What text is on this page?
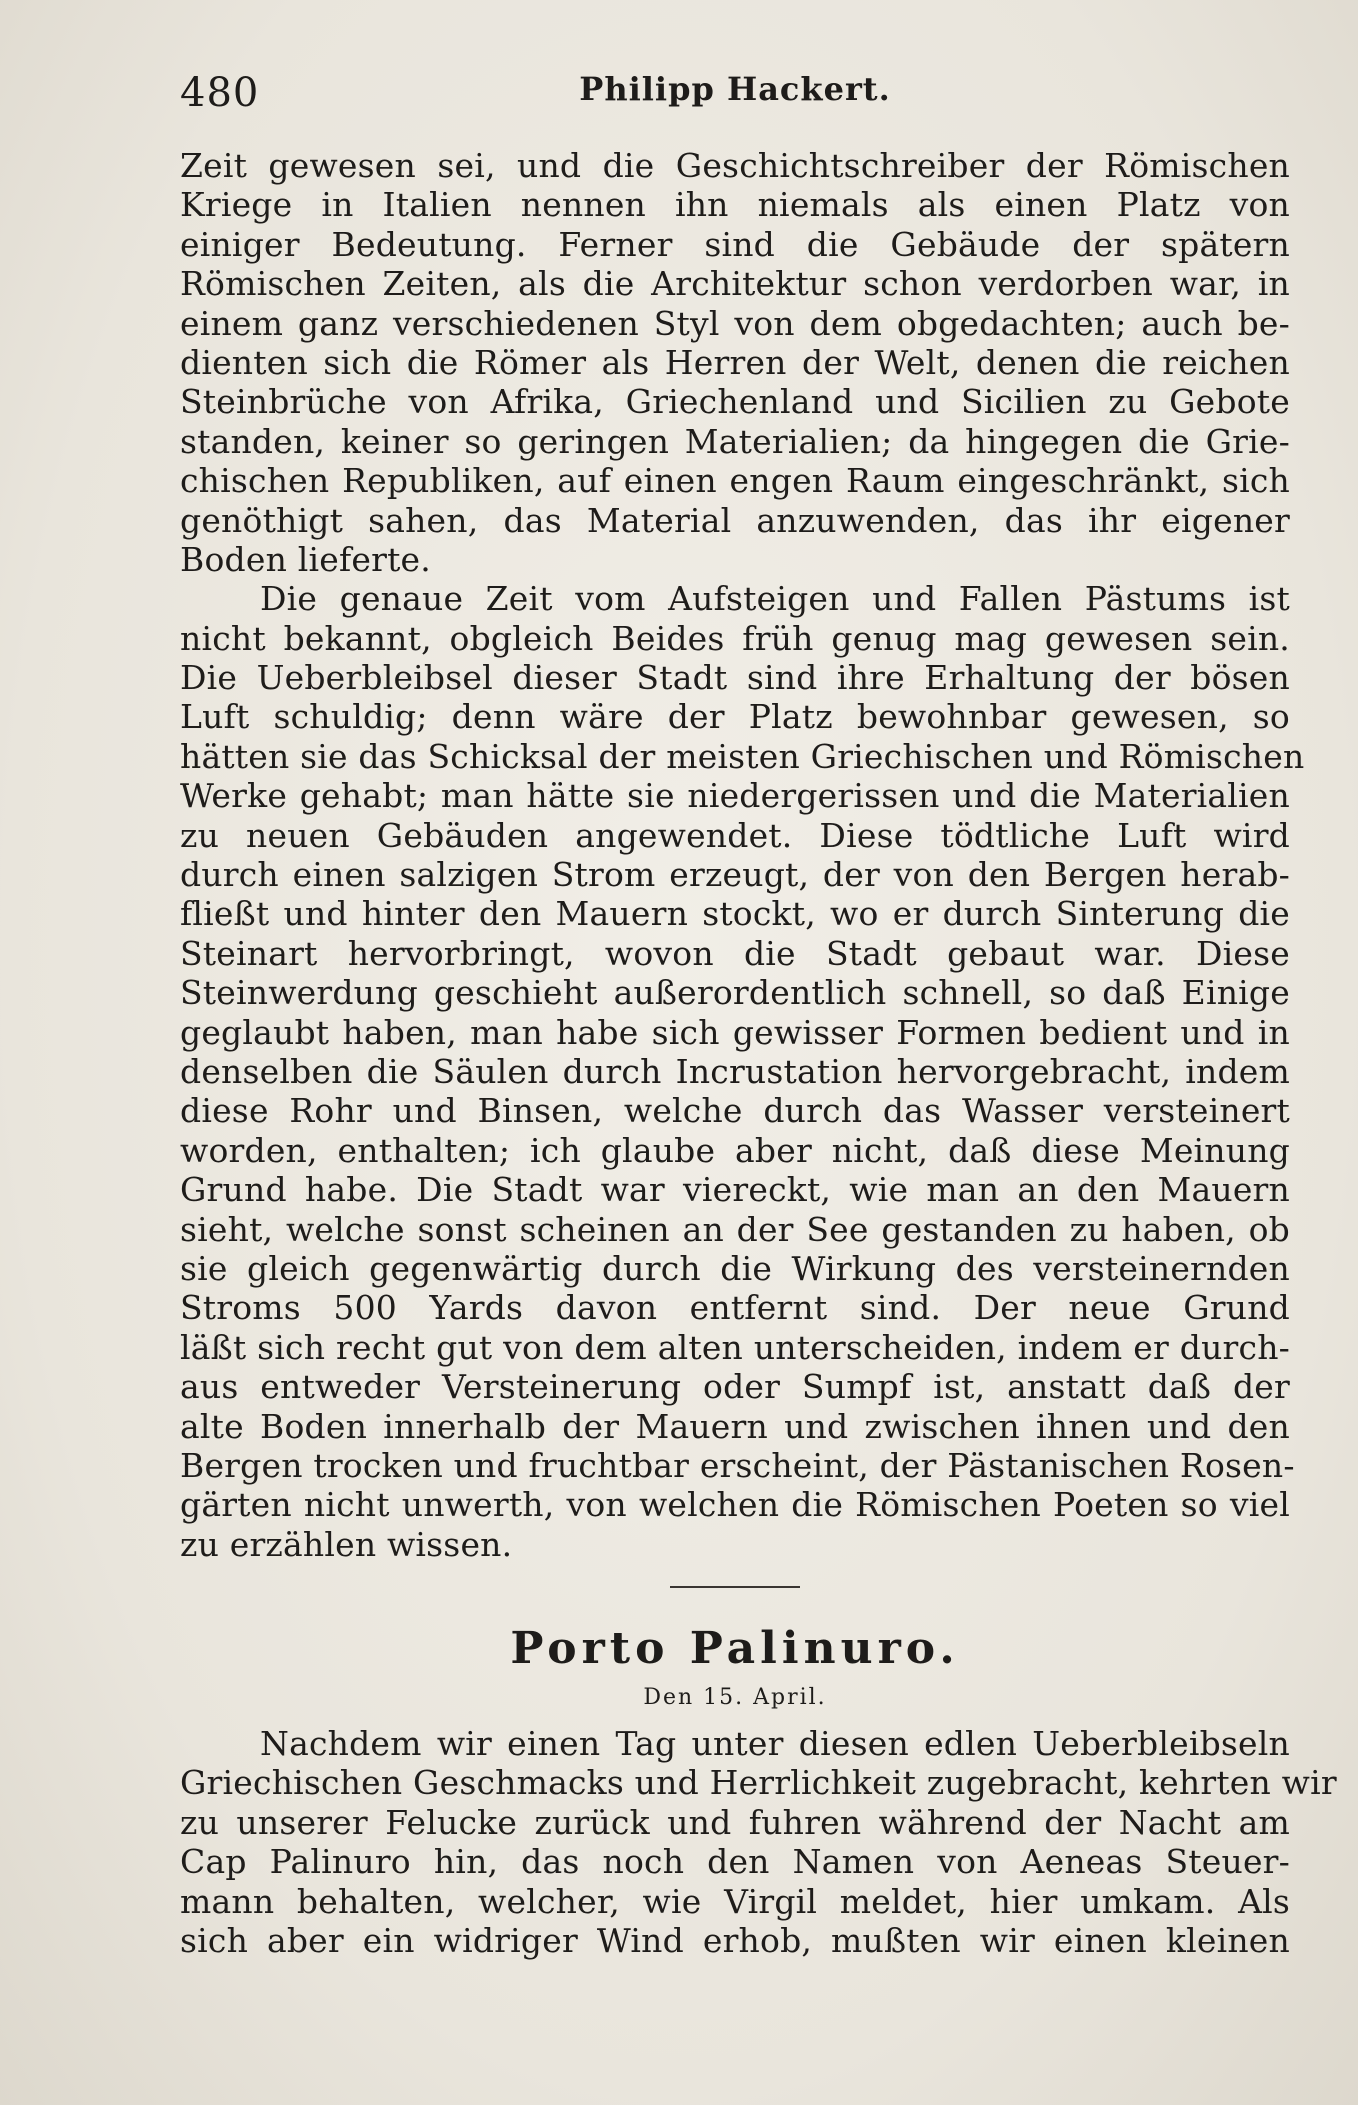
480	Philipp Hackert.
Zeit gewesen sei, und die Geschichtschreiber der Römischen
Kriege in Italien nennen ihn niemals als einen Platz von
einiger Bedeutung. Ferner sind die Gebäude der spätern
Römischen Zeiten, als die Architektur schon verdorben war, in
einem ganz verschiedenen Styl von dem obgedachten; auch be-
dienten sich die Römer als Herren der Welt, denen die reichen
Steinbrüche von Afrika, Griechenland und Sicilien zu Gebote
standen, keiner so geringen Materialien; da hingegen die Grie-
chischen Republiken, auf einen engen Raum eingeschränkt, sich
genöthigt sahen, das Material anzuwenden, das ihr eigener
Boden lieferte.
Die genaue Zeit vom Aufsteigen und Fallen Pästums ist
nicht bekannt, obgleich Beides früh genug mag gewesen sein.
Die Ueberbleibsel dieser Stadt sind ihre Erhaltung der bösen
Luft schuldig; denn wäre der Platz bewohnbar gewesen, so
hätten sie das Schicksal der meisten Griechischen und Römischen
Werke gehabt; man hätte sie niedergerissen und die Materialien
zu neuen Gebäuden angewendet. Diese tödtliche Luft wird
durch einen salzigen Strom erzeugt, der von den Bergen herab-
fließt und hinter den Mauern stockt, wo er durch Sinterung die
Steinart hervorbringt, wovon die Stadt gebaut war. Diese
Steinwerdung geschieht außerordentlich schnell, so daß Einige
geglaubt haben, man habe sich gewisser Formen bedient und in
denselben die Säulen durch Incrustation hervorgebracht, indem
diese Rohr und Binsen, welche durch das Wasser versteinert
worden, enthalten; ich glaube aber nicht, daß diese Meinung
Grund habe. Die Stadt war viereckt, wie man an den Mauern
sieht, welche sonst scheinen an der See gestanden zu haben, ob
sie gleich gegenwärtig durch die Wirkung des versteinernden
Stroms 500 Yards davon entfernt sind. Der neue Grund
läßt sich recht gut von dem alten unterscheiden, indem er durch-
aus entweder Versteinerung oder Sumpf ist, anstatt daß der
alte Boden innerhalb der Mauern und zwischen ihnen und den
Bergen trocken und fruchtbar erscheint, der Pästanischen Rosen-
gärten nicht unwerth, von welchen die Römischen Poeten so viel
zu erzählen wissen.
Porto Palinuro.
Den 15. April.
Nachdem wir einen Tag unter diesen edlen Ueberbleibseln
Griechischen Geschmacks und Herrlichkeit zugebracht, kehrten wir
zu unserer Felucke zurück und fuhren während der Nacht am
Cap Palinuro hin, das noch den Namen von Aeneas Steuer-
mann behalten, welcher, wie Virgil meldet, hier umkam. Als
sich aber ein widriger Wind erhob, mußten wir einen kleinen
